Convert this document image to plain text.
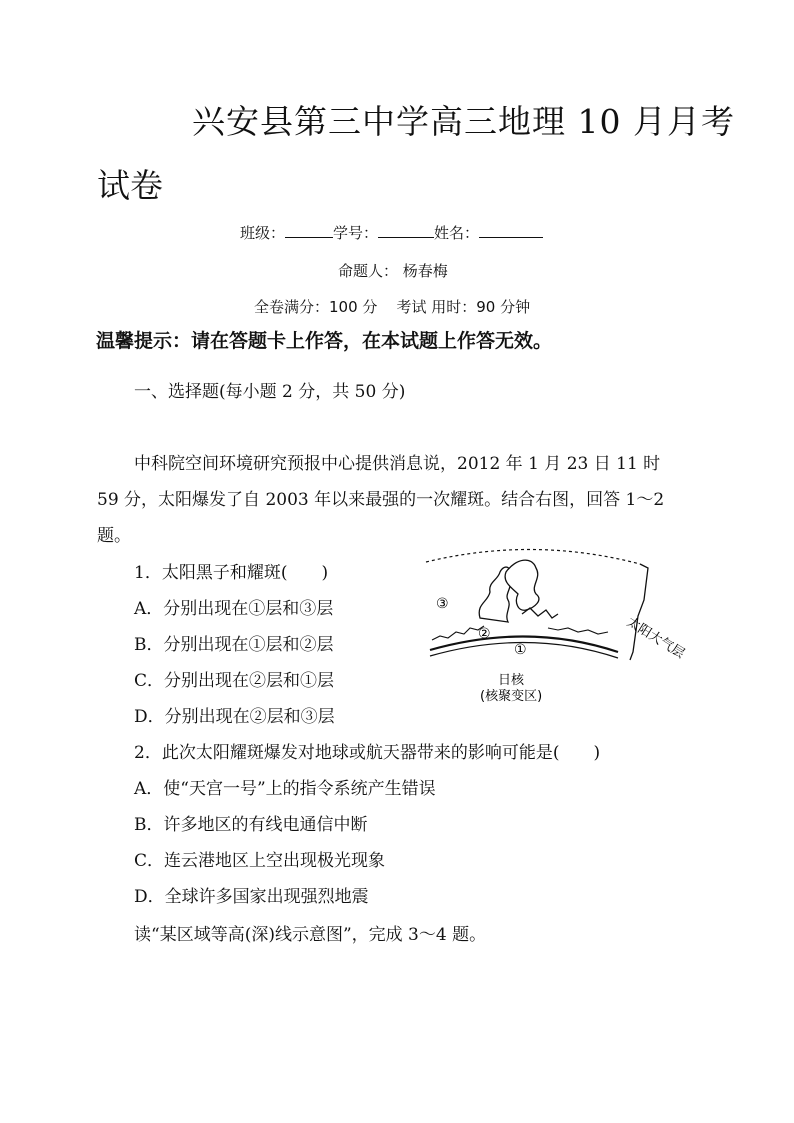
兴安县第三中学高三地理 10 月月考
试卷
班级：	学号：	姓名：
命题人： 杨春梅
全卷满分：100 分    考试 用时：90 分钟
温馨提示：请在答题卡上作答，在本试题上作答无效。
一、选择题(每小题 2 分，共 50 分)
中科院空间环境研究预报中心提供消息说，2012 年 1 月 23 日 11 时
59 分，太阳爆发了自 2003 年以来最强的一次耀斑。结合右图，回答 1～2
题。
1．太阳黑子和耀斑(　　)
A．分别出现在①层和③层
B．分别出现在①层和②层
C．分别出现在②层和①层
D．分别出现在②层和③层
2．此次太阳耀斑爆发对地球或航天器带来的影响可能是(　　)
A．使“天宫一号”上的指令系统产生错误
B．许多地区的有线电通信中断
C．连云港地区上空出现极光现象
D．全球许多国家出现强烈地震
读“某区域等高(深)线示意图”，完成 3～4 题。
③
②
①	太阳大气层
日核
(核聚变区)
